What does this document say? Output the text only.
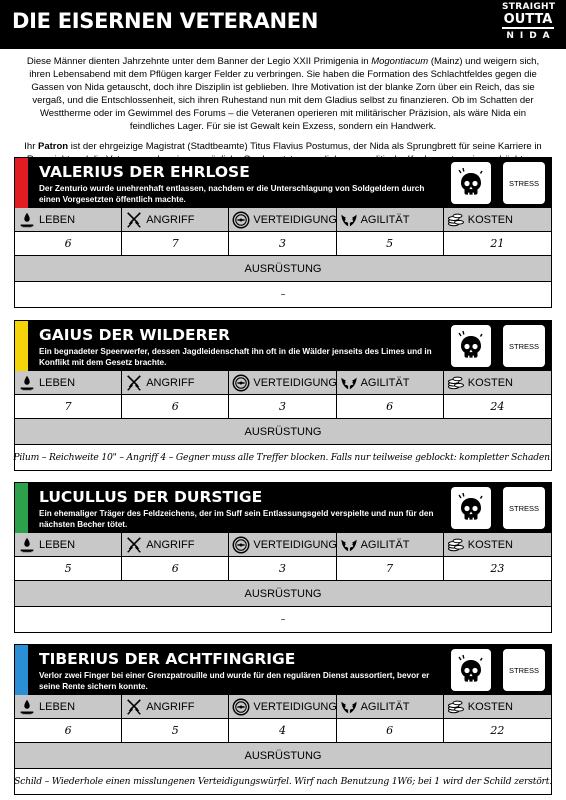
DIE EISERNEN VETERANEN
STRAIGHT
OUTTA
NIDA

Diese Männer dienten Jahrzehnte unter dem Banner der Legio XXII Primigenia in Mogontiacum (Mainz) und weigern sich, ihren Lebensabend mit dem Pflügen karger Felder zu verbringen. Sie haben die Formation des Schlachtfeldes gegen die Gassen von Nida getauscht, doch ihre Disziplin ist geblieben. Ihre Motivation ist der blanke Zorn über ein Reich, das sie vergaß, und die Entschlossenheit, sich ihren Ruhestand nun mit dem Gladius selbst zu finanzieren. Ob im Schatten der Westtherme oder im Gewimmel des Forums – die Veteranen operieren mit militärischer Präzision, als wäre Nida ein feindliches Lager. Für sie ist Gewalt kein Exzess, sondern ein Handwerk.

Ihr Patron ist der ehrgeizige Magistrat (Stadtbeamte) Titus Flavius Postumus, der Nida als Sprungbrett für seine Karriere in

VALERIUS DER EHRLOSE
Der Zenturio wurde unehrenhaft entlassen, nachdem er die Unterschlagung von Soldgeldern durch einen Vorgesetzten öffentlich machte.
STRESS
LEBEN	ANGRIFF	VERTEIDIGUNG AGILITÄT	KOSTEN
6	7	3	5	21
AUSRÜSTUNG
–
GAIUS DER WILDERER
Ein begnadeter Speerwerfer, dessen Jagdleidenschaft ihn oft in die Wälder jenseits des Limes und in Konflikt mit dem Gesetz brachte.
STRESS
LEBEN	ANGRIFF	VERTEIDIGUNG AGILITÄT	KOSTEN
7	6	3	6	24
AUSRÜSTUNG
Pilum – Reichweite 10" – Angriff 4 – Gegner muss alle Treffer blocken. Falls nur teilweise geblockt: kompletter Schaden.
LUCULLUS DER DURSTIGE
Ein ehemaliger Träger des Feldzeichens, der im Suff sein Entlassungsgeld verspielte und nun für den nächsten Becher tötet.
STRESS
LEBEN	ANGRIFF	VERTEIDIGUNG AGILITÄT	KOSTEN
5	6	3	7	23
AUSRÜSTUNG
–
TIBERIUS DER ACHTFINGRIGE
Verlor zwei Finger bei einer Grenzpatrouille und wurde für den regulären Dienst aussortiert, bevor er seine Rente sichern konnte.
STRESS
LEBEN	ANGRIFF	VERTEIDIGUNG AGILITÄT	KOSTEN
6	5	4	6	22
AUSRÜSTUNG
Schild – Wiederhole einen misslungenen Verteidigungswürfel. Wirf nach Benutzung 1W6; bei 1 wird der Schild zerstört.
